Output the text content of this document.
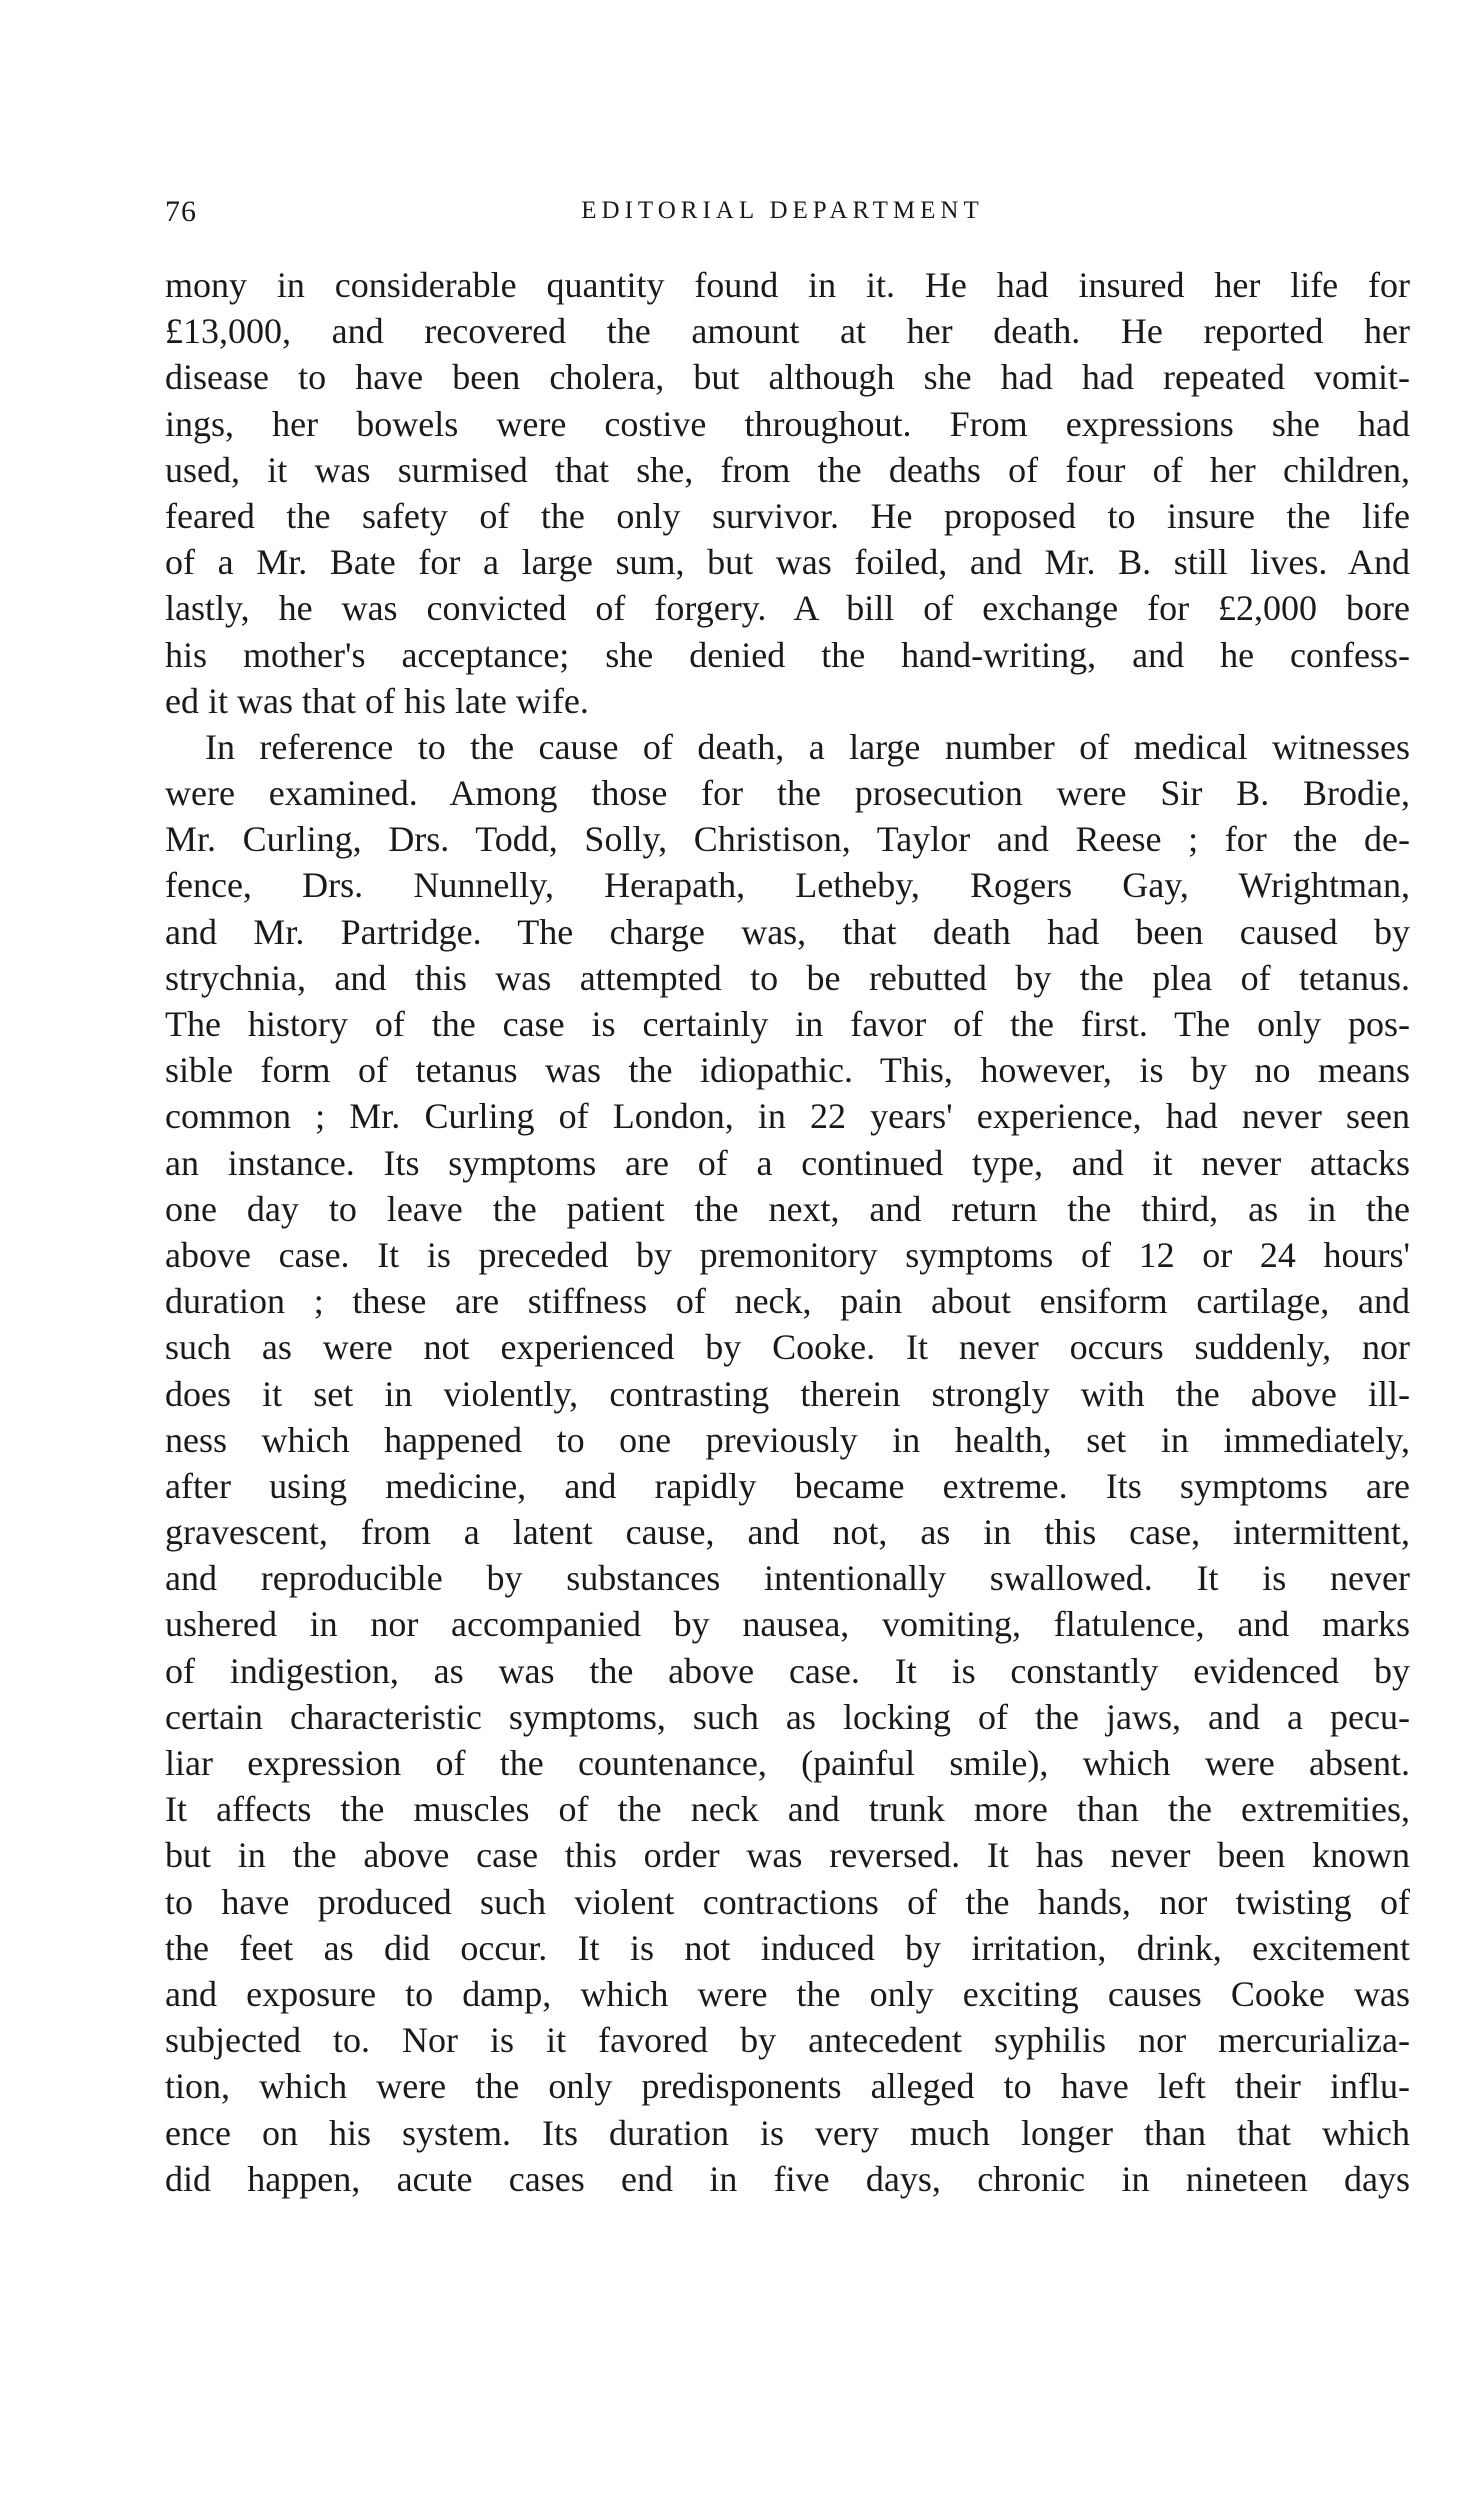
76	EDITORIAL DEPARTMENT
mony in considerable quantity found in it. He had insured her life for
£13,000, and recovered the amount at her death. He reported her
disease to have been cholera, but although she had had repeated vomit-
ings, her bowels were costive throughout. From expressions she had
used, it was surmised that she, from the deaths of four of her children,
feared the safety of the only survivor. He proposed to insure the life
of a Mr. Bate for a large sum, but was foiled, and Mr. B. still lives. And
lastly, he was convicted of forgery. A bill of exchange for £2,000 bore
his mother's acceptance; she denied the hand-writing, and he confess-
ed it was that of his late wife.
In reference to the cause of death, a large number of medical witnesses
were examined. Among those for the prosecution were Sir B. Brodie,
Mr. Curling, Drs. Todd, Solly, Christison, Taylor and Reese ; for the de-
fence, Drs. Nunnelly, Herapath, Letheby, Rogers Gay, Wrightman,
and Mr. Partridge. The charge was, that death had been caused by
strychnia, and this was attempted to be rebutted by the plea of tetanus.
The history of the case is certainly in favor of the first. The only pos-
sible form of tetanus was the idiopathic. This, however, is by no means
common ; Mr. Curling of London, in 22 years' experience, had never seen
an instance. Its symptoms are of a continued type, and it never attacks
one day to leave the patient the next, and return the third, as in the
above case. It is preceded by premonitory symptoms of 12 or 24 hours'
duration ; these are stiffness of neck, pain about ensiform cartilage, and
such as were not experienced by Cooke. It never occurs suddenly, nor
does it set in violently, contrasting therein strongly with the above ill-
ness which happened to one previously in health, set in immediately,
after using medicine, and rapidly became extreme. Its symptoms are
gravescent, from a latent cause, and not, as in this case, intermittent,
and reproducible by substances intentionally swallowed. It is never
ushered in nor accompanied by nausea, vomiting, flatulence, and marks
of indigestion, as was the above case. It is constantly evidenced by
certain characteristic symptoms, such as locking of the jaws, and a pecu-
liar expression of the countenance, (painful smile), which were absent.
It affects the muscles of the neck and trunk more than the extremities,
but in the above case this order was reversed. It has never been known
to have produced such violent contractions of the hands, nor twisting of
the feet as did occur. It is not induced by irritation, drink, excitement
and exposure to damp, which were the only exciting causes Cooke was
subjected to. Nor is it favored by antecedent syphilis nor mercurializa-
tion, which were the only predisponents alleged to have left their influ-
ence on his system. Its duration is very much longer than that which
did happen, acute cases end in five days, chronic in nineteen days
